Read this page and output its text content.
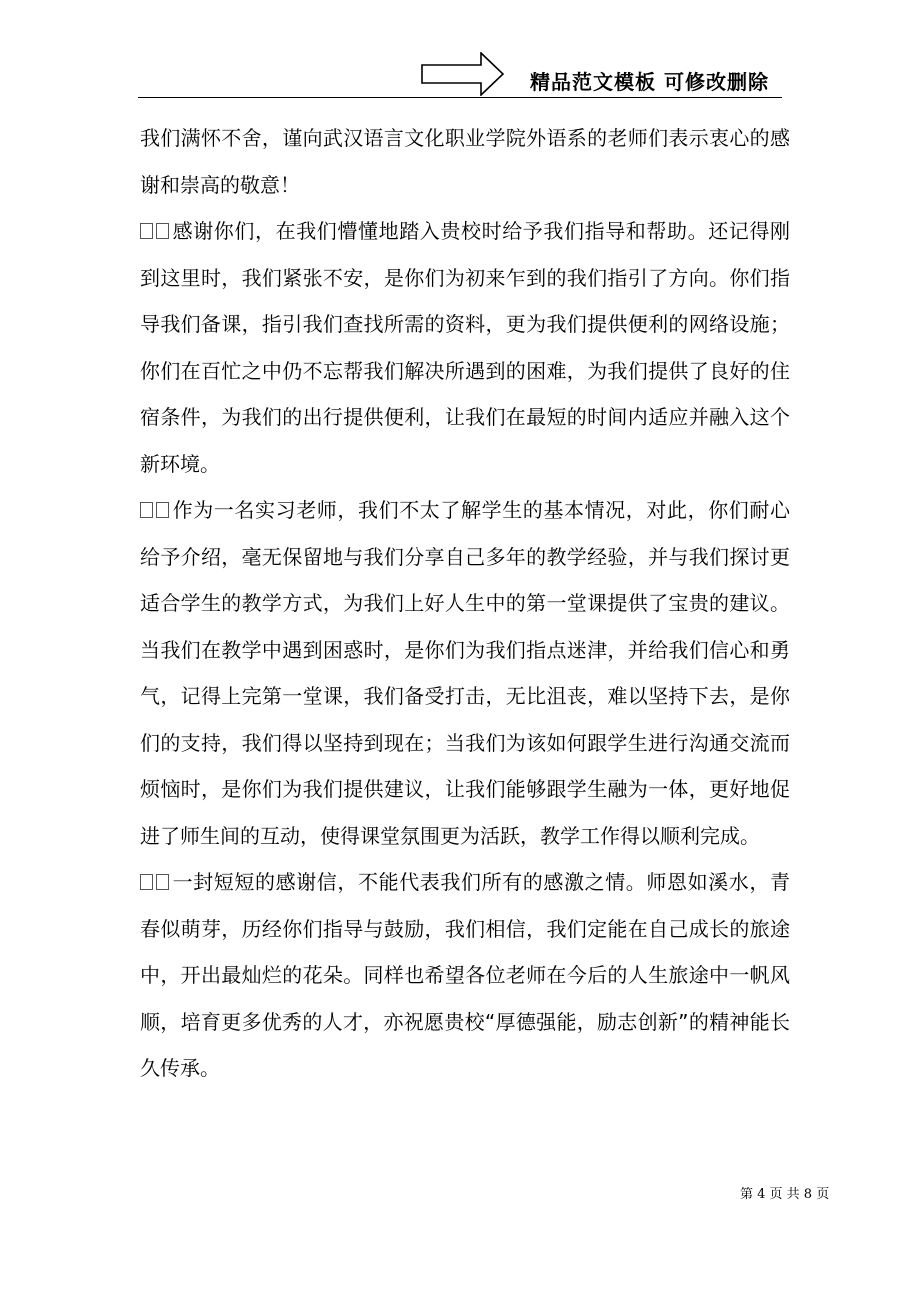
精品范文模板 可修改删除

我们满怀不舍，谨向武汉语言文化职业学院外语系的老师们表示衷心的感谢和崇高的敬意！

感谢你们，在我们懵懂地踏入贵校时给予我们指导和帮助。还记得刚到这里时，我们紧张不安，是你们为初来乍到的我们指引了方向。你们指导我们备课，指引我们查找所需的资料，更为我们提供便利的网络设施；你们在百忙之中仍不忘帮我们解决所遇到的困难，为我们提供了良好的住宿条件，为我们的出行提供便利，让我们在最短的时间内适应并融入这个新环境。

作为一名实习老师，我们不太了解学生的基本情况，对此，你们耐心给予介绍，毫无保留地与我们分享自己多年的教学经验，并与我们探讨更适合学生的教学方式，为我们上好人生中的第一堂课提供了宝贵的建议。当我们在教学中遇到困惑时，是你们为我们指点迷津，并给我们信心和勇气，记得上完第一堂课，我们备受打击，无比沮丧，难以坚持下去，是你们的支持，我们得以坚持到现在；当我们为该如何跟学生进行沟通交流而烦恼时，是你们为我们提供建议，让我们能够跟学生融为一体，更好地促进了师生间的互动，使得课堂氛围更为活跃，教学工作得以顺利完成。

一封短短的感谢信，不能代表我们所有的感激之情。师恩如溪水，青春似萌芽，历经你们指导与鼓励，我们相信，我们定能在自己成长的旅途中，开出最灿烂的花朵。同样也希望各位老师在今后的人生旅途中一帆风顺，培育更多优秀的人才，亦祝愿贵校“厚德强能，励志创新”的精神能长久传承。

第 4 页 共 8 页
